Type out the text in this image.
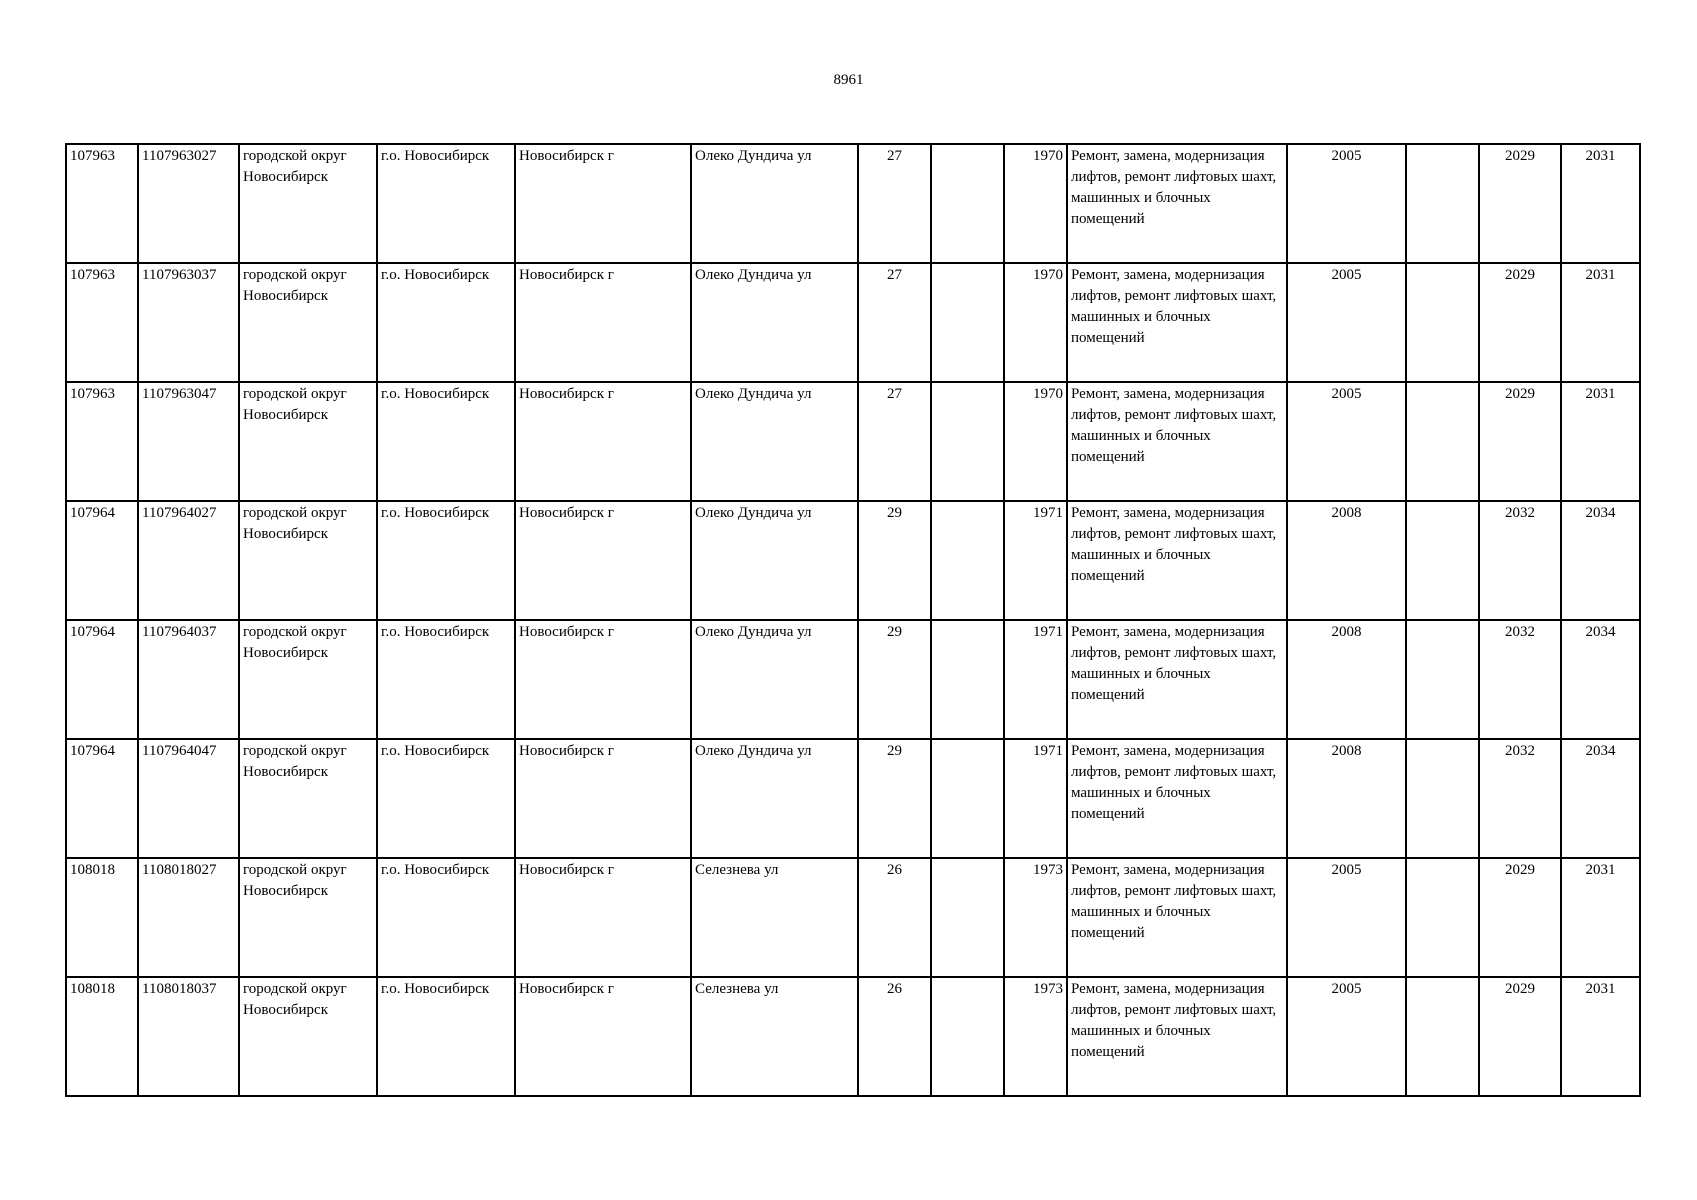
8961
107963	1107963027	городской округ Новосибирск	г.о. Новосибирск	Новосибирск г	Олеко Дундича ул	27		1970	Ремонт, замена, модернизация лифтов, ремонт лифтовых шахт, машинных и блочных помещений	2005		2029	2031
107963	1107963037	городской округ Новосибирск	г.о. Новосибирск	Новосибирск г	Олеко Дундича ул	27		1970	Ремонт, замена, модернизация лифтов, ремонт лифтовых шахт, машинных и блочных помещений	2005		2029	2031
107963	1107963047	городской округ Новосибирск	г.о. Новосибирск	Новосибирск г	Олеко Дундича ул	27		1970	Ремонт, замена, модернизация лифтов, ремонт лифтовых шахт, машинных и блочных помещений	2005		2029	2031
107964	1107964027	городской округ Новосибирск	г.о. Новосибирск	Новосибирск г	Олеко Дундича ул	29		1971	Ремонт, замена, модернизация лифтов, ремонт лифтовых шахт, машинных и блочных помещений	2008		2032	2034
107964	1107964037	городской округ Новосибирск	г.о. Новосибирск	Новосибирск г	Олеко Дундича ул	29		1971	Ремонт, замена, модернизация лифтов, ремонт лифтовых шахт, машинных и блочных помещений	2008		2032	2034
107964	1107964047	городской округ Новосибирск	г.о. Новосибирск	Новосибирск г	Олеко Дундича ул	29		1971	Ремонт, замена, модернизация лифтов, ремонт лифтовых шахт, машинных и блочных помещений	2008		2032	2034
108018	1108018027	городской округ Новосибирск	г.о. Новосибирск	Новосибирск г	Селезнева ул	26		1973	Ремонт, замена, модернизация лифтов, ремонт лифтовых шахт, машинных и блочных помещений	2005		2029	2031
108018	1108018037	городской округ Новосибирск	г.о. Новосибирск	Новосибирск г	Селезнева ул	26		1973	Ремонт, замена, модернизация лифтов, ремонт лифтовых шахт, машинных и блочных помещений	2005		2029	2031
